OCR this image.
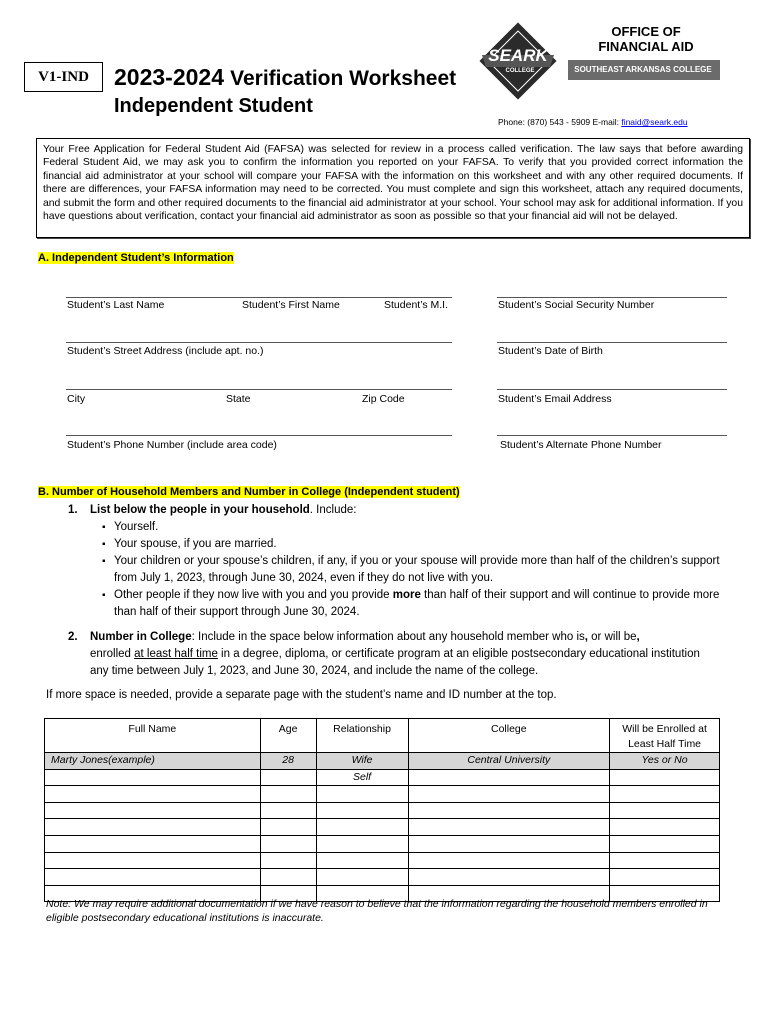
V1-IND	2023-2024 Verification Worksheet
Independent Student
SEARK
COLLEGE
OFFICE OF
FINANCIAL AID
SOUTHEAST ARKANSAS COLLEGE
Phone: (870) 543 - 5909 E-mail: finaid@seark.edu
Your Free Application for Federal Student Aid (FAFSA) was selected for review in a process called verification. The law says that before awarding Federal Student Aid, we may ask you to confirm the information you reported on your FAFSA. To verify that you provided correct information the financial aid administrator at your school will compare your FAFSA with the information on this worksheet and with any other required documents. If there are differences, your FAFSA information may need to be corrected. You must complete and sign this worksheet, attach any required documents, and submit the form and other required documents to the financial aid administrator at your school. Your school may ask for additional information. If you have questions about verification, contact your financial aid administrator as soon as possible so that your financial aid will not be delayed.
A. Independent Student’s Information
Student’s Last Name	Student’s First Name	Student’s M.I.	Student’s Social Security Number
Student’s Street Address (include apt. no.)	Student’s Date of Birth
City	State	Zip Code	Student’s Email Address
Student’s Phone Number (include area code)	Student’s Alternate Phone Number
B. Number of Household Members and Number in College (Independent student)
1. List below the people in your household. Include:
▪ Yourself.
▪ Your spouse, if you are married.
▪ Your children or your spouse’s children, if any, if you or your spouse will provide more than half of the children’s support from July 1, 2023, through June 30, 2024, even if they do not live with you.
▪ Other people if they now live with you and you provide more than half of their support and will continue to provide more than half of their support through June 30, 2024.
2. Number in College: Include in the space below information about any household member who is, or will be,
enrolled at least half time in a degree, diploma, or certificate program at an eligible postsecondary educational institution any time between July 1, 2023, and June 30, 2024, and include the name of the college.
If more space is needed, provide a separate page with the student’s name and ID number at the top.
Full Name	Age	Relationship	College	Will be Enrolled at
Least Half Time
Marty Jones(example)	28	Wife	Central University	Yes or No
		Self		

Note: We may require additional documentation if we have reason to believe that the information regarding the household members enrolled in eligible postsecondary educational institutions is inaccurate.
